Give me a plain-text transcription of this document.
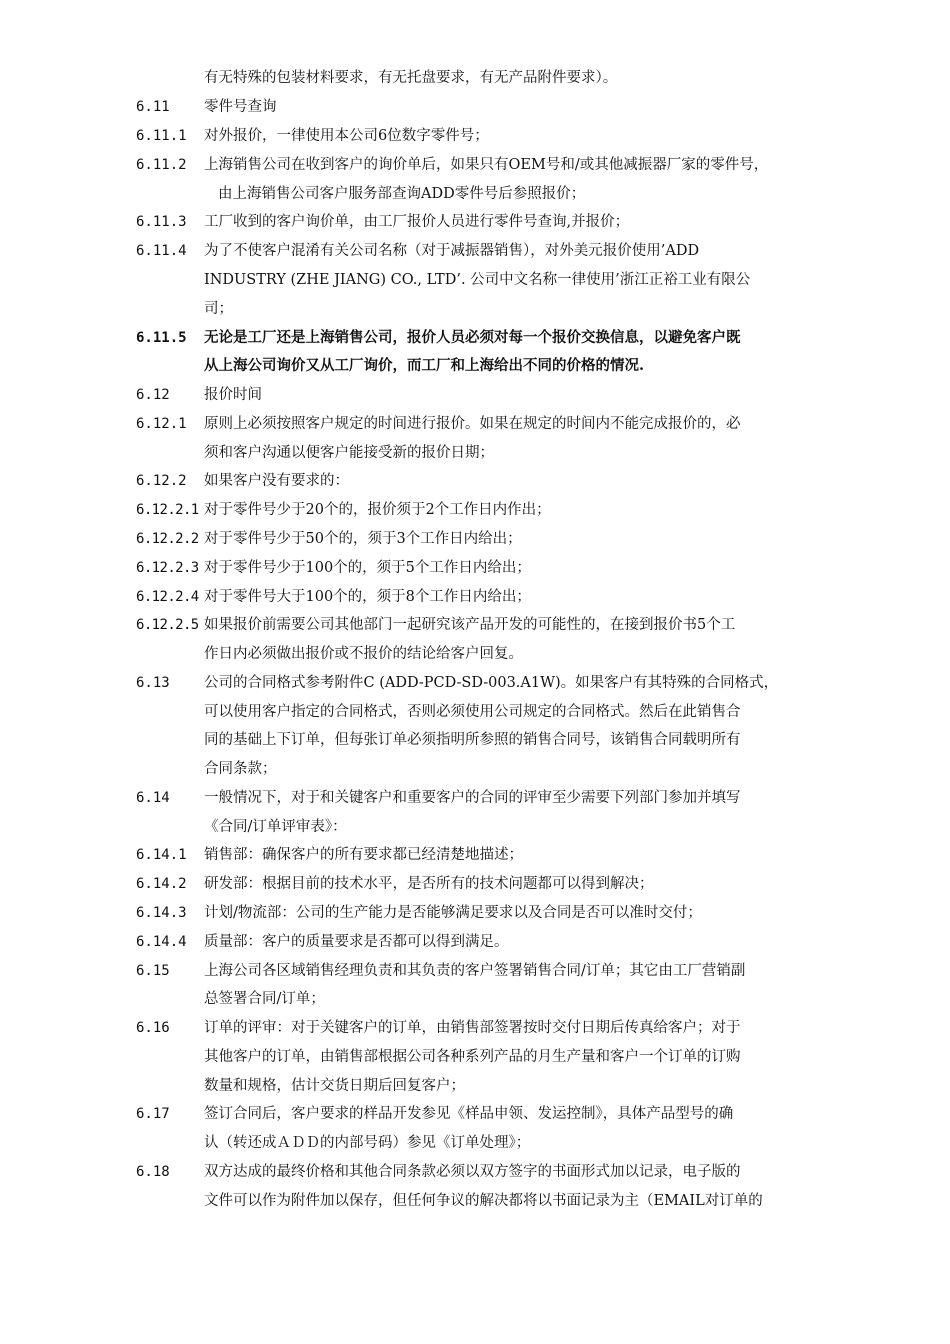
有无特殊的包装材料要求，有无托盘要求，有无产品附件要求）。
6.11 零件号查询
6.11.1 对外报价，一律使用本公司6位数字零件号；
6.11.2 上海销售公司在收到客户的询价单后，如果只有OEM号和/或其他减振器厂家的零件号，
由上海销售公司客户服务部查询ADD零件号后参照报价；
6.11.3 工厂收到的客户询价单，由工厂报价人员进行零件号查询,并报价；
6.11.4 为了不使客户混淆有关公司名称（对于减振器销售），对外美元报价使用’ADD
INDUSTRY (ZHE JIANG) CO., LTD’. 公司中文名称一律使用’浙江正裕工业有限公
司；
6.11.5 无论是工厂还是上海销售公司，报价人员必须对每一个报价交换信息，以避免客户既
从上海公司询价又从工厂询价，而工厂和上海给出不同的价格的情况.
6.12 报价时间
6.12.1 原则上必须按照客户规定的时间进行报价。如果在规定的时间内不能完成报价的，必
须和客户沟通以便客户能接受新的报价日期；
6.12.2 如果客户没有要求的：
6.12.2.1 对于零件号少于20个的，报价须于2个工作日内作出；
6.12.2.2 对于零件号少于50个的，须于3个工作日内给出；
6.12.2.3 对于零件号少于100个的，须于5个工作日内给出；
6.12.2.4 对于零件号大于100个的，须于8个工作日内给出；
6.12.2.5 如果报价前需要公司其他部门一起研究该产品开发的可能性的，在接到报价书5个工
作日内必须做出报价或不报价的结论给客户回复。
6.13 公司的合同格式参考附件C (ADD-PCD-SD-003.A1W)。如果客户有其特殊的合同格式，
可以使用客户指定的合同格式，否则必须使用公司规定的合同格式。然后在此销售合
同的基础上下订单，但每张订单必须指明所参照的销售合同号，该销售合同载明所有
合同条款；
6.14 一般情况下，对于和关键客户和重要客户的合同的评审至少需要下列部门参加并填写
《合同/订单评审表》：
6.14.1 销售部：确保客户的所有要求都已经清楚地描述；
6.14.2 研发部：根据目前的技术水平，是否所有的技术问题都可以得到解决；
6.14.3 计划/物流部：公司的生产能力是否能够满足要求以及合同是否可以准时交付；
6.14.4 质量部：客户的质量要求是否都可以得到满足。
6.15 上海公司各区域销售经理负责和其负责的客户签署销售合同/订单；其它由工厂营销副
总签署合同/订单；
6.16 订单的评审：对于关键客户的订单，由销售部签署按时交付日期后传真给客户；对于
其他客户的订单，由销售部根据公司各种系列产品的月生产量和客户一个订单的订购
数量和规格，估计交货日期后回复客户；
6.17 签订合同后，客户要求的样品开发参见《样品申领、发运控制》，具体产品型号的确
认（转还成ＡＤＤ的内部号码）参见《订单处理》；
6.18 双方达成的最终价格和其他合同条款必须以双方签字的书面形式加以记录，电子版的
文件可以作为附件加以保存，但任何争议的解决都将以书面记录为主（EMAIL对订单的
